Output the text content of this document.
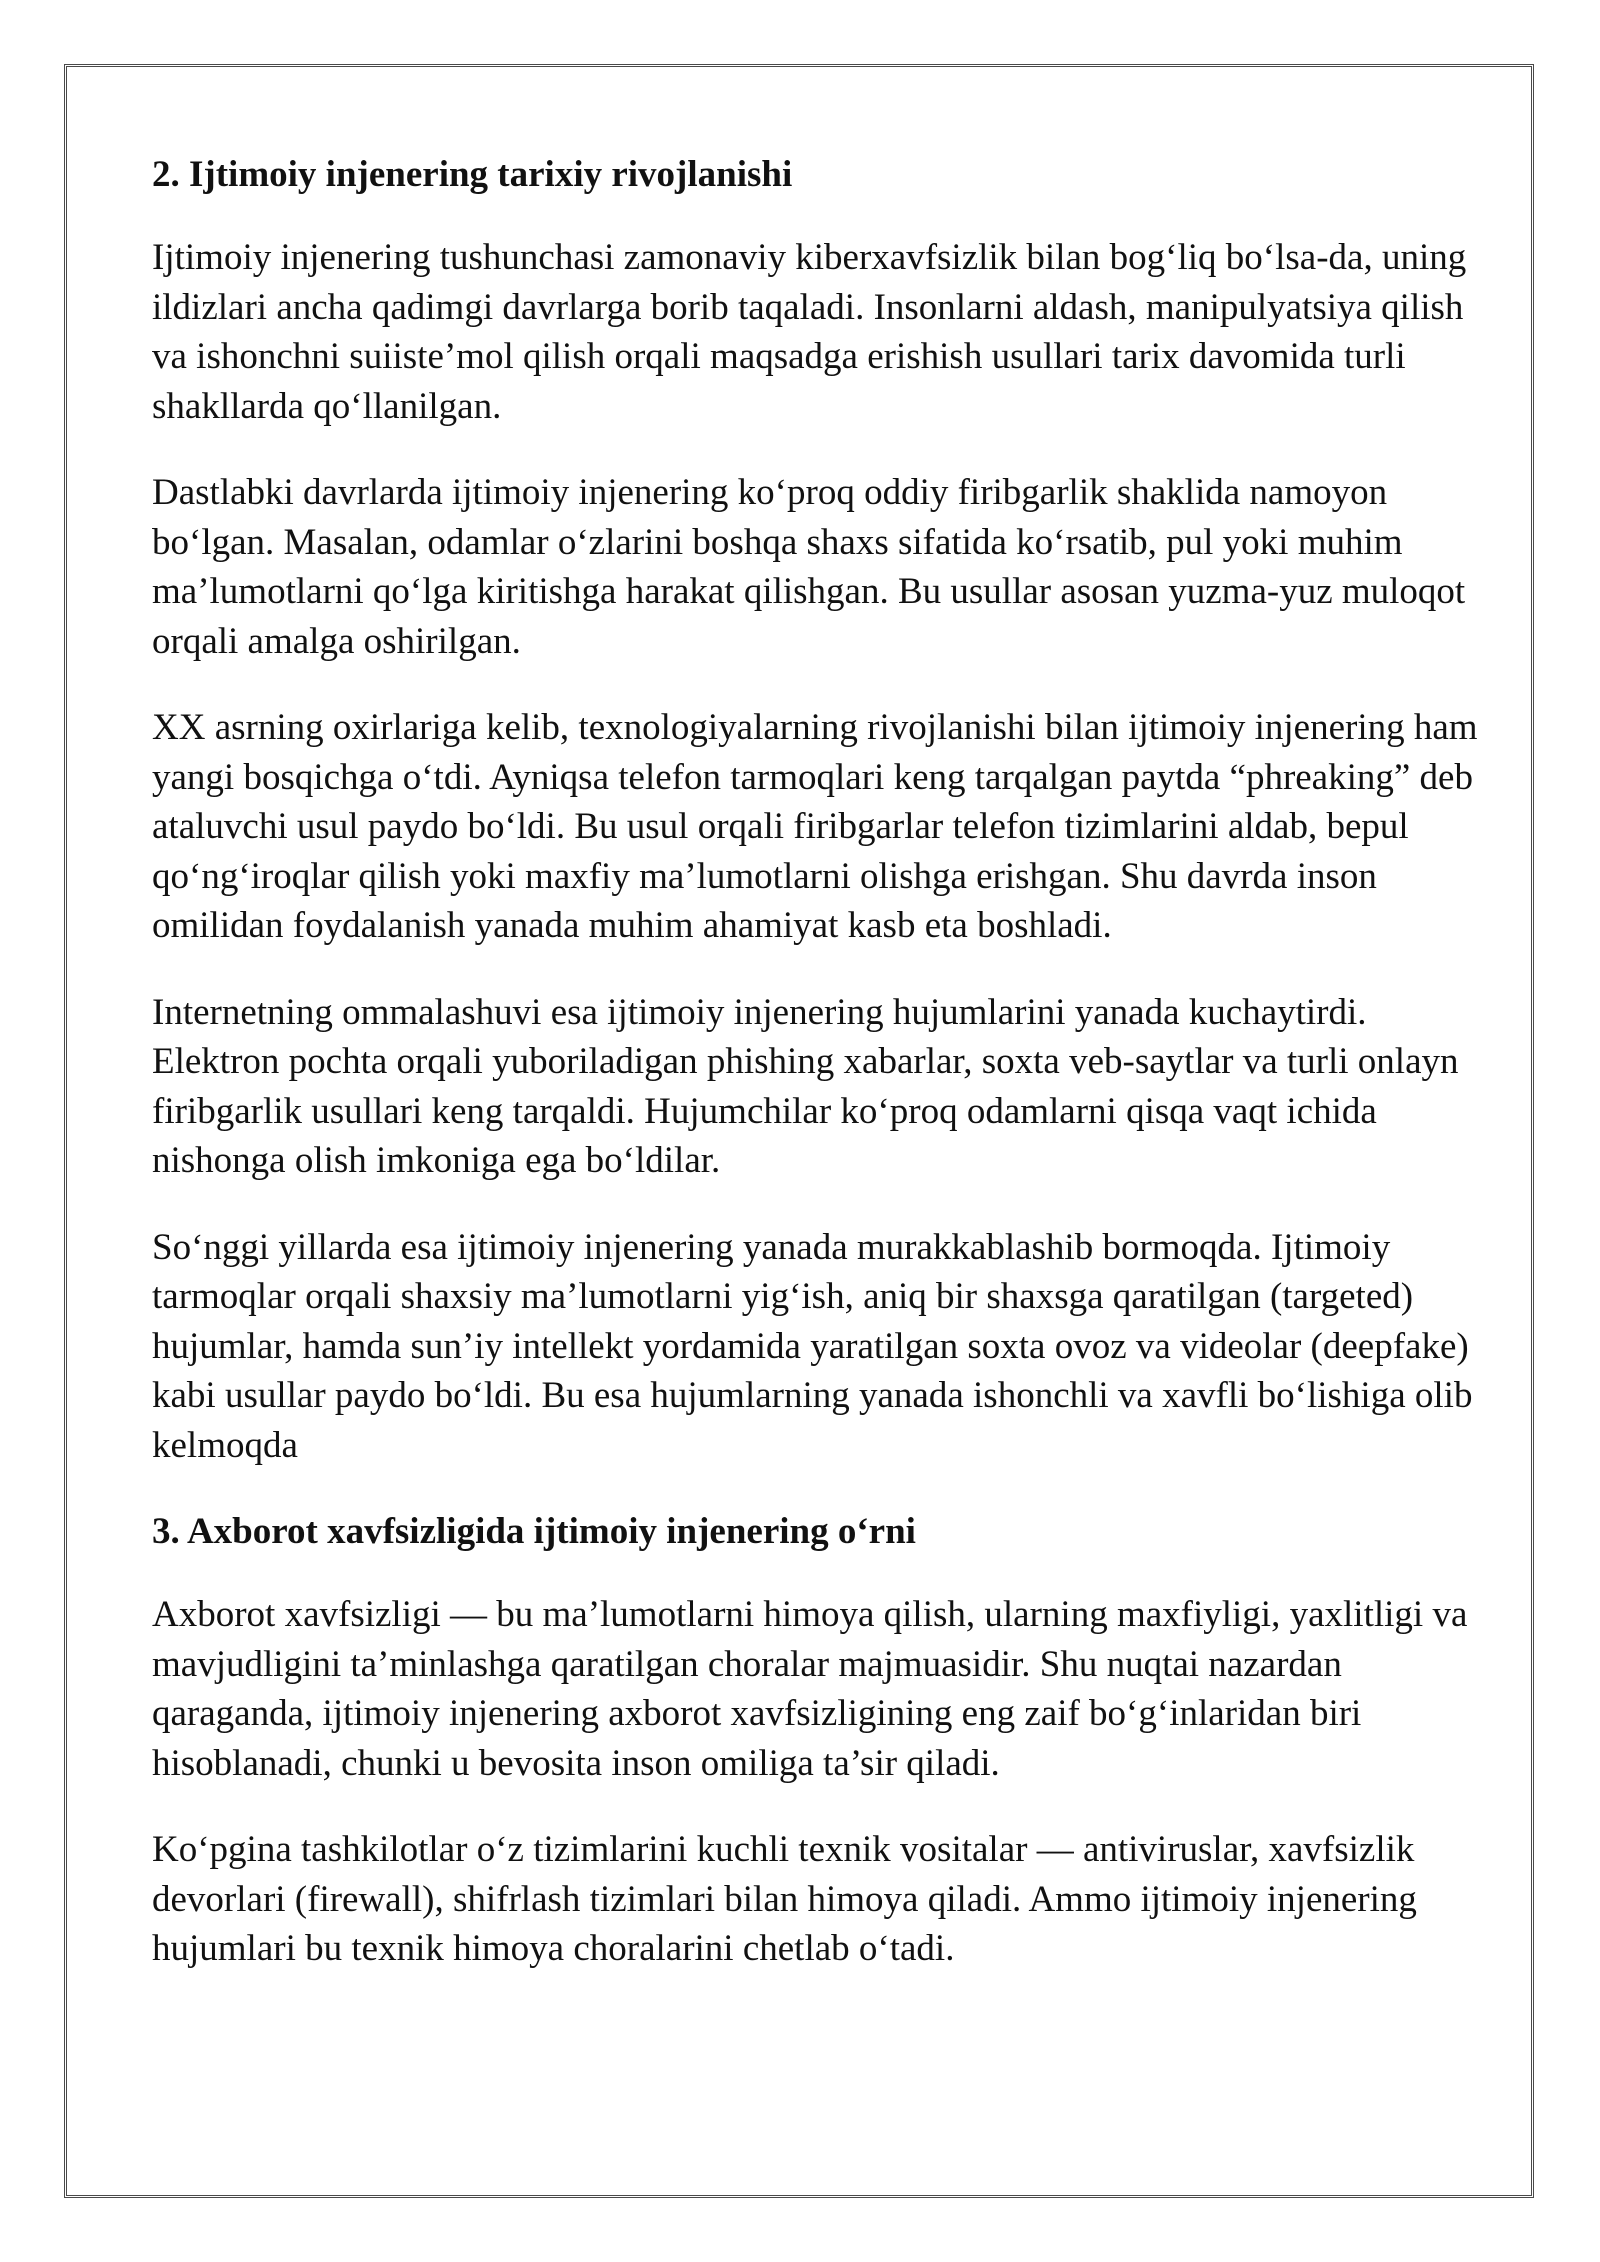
2. Ijtimoiy injenering tarixiy rivojlanishi

Ijtimoiy injenering tushunchasi zamonaviy kiberxavfsizlik bilan bog‘liq bo‘lsa-da, uning ildizlari ancha qadimgi davrlarga borib taqaladi. Insonlarni aldash, manipulyatsiya qilish va ishonchni suiiste’mol qilish orqali maqsadga erishish usullari tarix davomida turli shakllarda qo‘llanilgan.

Dastlabki davrlarda ijtimoiy injenering ko‘proq oddiy firibgarlik shaklida namoyon bo‘lgan. Masalan, odamlar o‘zlarini boshqa shaxs sifatida ko‘rsatib, pul yoki muhim ma’lumotlarni qo‘lga kiritishga harakat qilishgan. Bu usullar asosan yuzma-yuz muloqot orqali amalga oshirilgan.

XX asrning oxirlariga kelib, texnologiyalarning rivojlanishi bilan ijtimoiy injenering ham yangi bosqichga o‘tdi. Ayniqsa telefon tarmoqlari keng tarqalgan paytda “phreaking” deb ataluvchi usul paydo bo‘ldi. Bu usul orqali firibgarlar telefon tizimlarini aldab, bepul qo‘ng‘iroqlar qilish yoki maxfiy ma’lumotlarni olishga erishgan. Shu davrda inson omilidan foydalanish yanada muhim ahamiyat kasb eta boshladi.

Internetning ommalashuvi esa ijtimoiy injenering hujumlarini yanada kuchaytirdi. Elektron pochta orqali yuboriladigan phishing xabarlar, soxta veb-saytlar va turli onlayn firibgarlik usullari keng tarqaldi. Hujumchilar ko‘proq odamlarni qisqa vaqt ichida nishonga olish imkoniga ega bo‘ldilar.

So‘nggi yillarda esa ijtimoiy injenering yanada murakkablashib bormoqda. Ijtimoiy tarmoqlar orqali shaxsiy ma’lumotlarni yig‘ish, aniq bir shaxsga qaratilgan (targeted) hujumlar, hamda sun’iy intellekt yordamida yaratilgan soxta ovoz va videolar (deepfake) kabi usullar paydo bo‘ldi. Bu esa hujumlarning yanada ishonchli va xavfli bo‘lishiga olib kelmoqda

3. Axborot xavfsizligida ijtimoiy injenering o‘rni

Axborot xavfsizligi — bu ma’lumotlarni himoya qilish, ularning maxfiyligi, yaxlitligi va mavjudligini ta’minlashga qaratilgan choralar majmuasidir. Shu nuqtai nazardan qaraganda, ijtimoiy injenering axborot xavfsizligining eng zaif bo‘g‘inlaridan biri hisoblanadi, chunki u bevosita inson omiliga ta’sir qiladi.

Ko‘pgina tashkilotlar o‘z tizimlarini kuchli texnik vositalar — antiviruslar, xavfsizlik devorlari (firewall), shifrlash tizimlari bilan himoya qiladi. Ammo ijtimoiy injenering hujumlari bu texnik himoya choralarini chetlab o‘tadi.
